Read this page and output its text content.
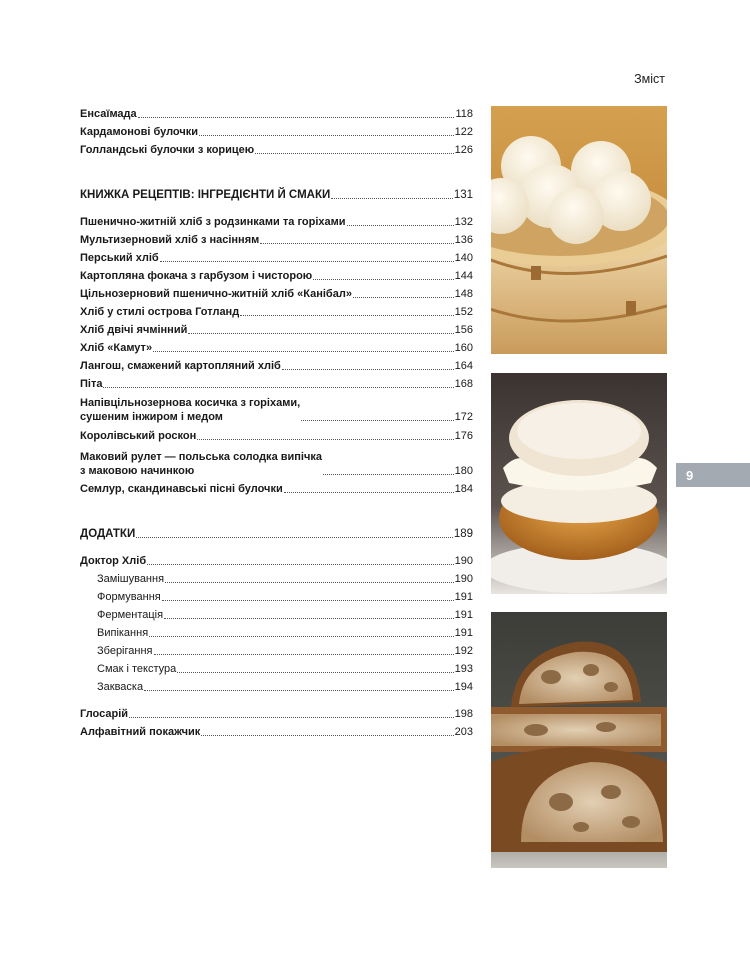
Зміст
9
Енсаїмада	118
Кардамонові булочки	122
Голландські булочки з корицею	126
КНИЖКА РЕЦЕПТІВ: ІНГРЕДІЄНТИ Й СМАКИ	131
Пшенично-житній хліб з родзинками та горіхами	132
Мультизерновий хліб з насінням	136
Перський хліб	140
Картопляна фокача з гарбузом і чисторою	144
Цільнозерновий пшенично-житній хліб «Канібал»	148
Хліб у стилі острова Готланд	152
Хліб двічі ячмінний	156
Хліб «Камут»	160
Лангош, смажений картопляний хліб	164
Піта	168
Напівцільнозернова косичка з горіхами,
сушеним інжиром і медом	172
Королівський роскон	176
Маковий рулет — польська солодка випічка
з маковою начинкою	180
Семлур, скандинавські пісні булочки	184
ДОДАТКИ	189
Доктор Хліб	190
Замішування	190
Формування	191
Ферментація	191
Випікання	191
Зберігання	192
Смак і текстура	193
Закваска	194
Глосарій	198
Алфавітний покажчик	203
